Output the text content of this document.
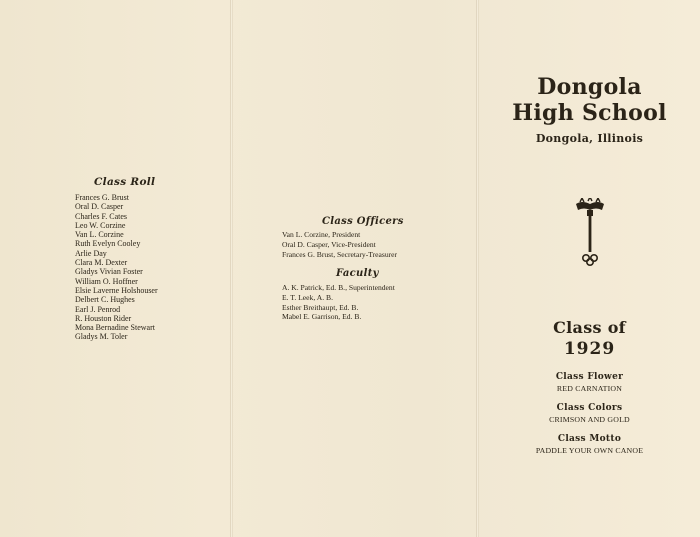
Class Roll
Frances G. Brust
Oral D. Casper
Charles F. Cates
Leo W. Corzine
Van L. Corzine
Ruth Evelyn Cooley
Arlie Day
Clara M. Dexter
Gladys Vivian Foster
William O. Hoffner
Elsie Laverne Holshouser
Delbert C. Hughes
Earl J. Penrod
R. Houston Rider
Mona Bernadine Stewart
Gladys M. Toler
Class Officers
Van L. Corzine, President
Oral D. Casper, Vice-President
Frances G. Brust, Secretary-Treasurer
Faculty
A. K. Patrick, Ed. B., Superintendent
E. T. Leek, A. B.
Esther Breithaupt, Ed. B.
Mabel E. Garrison, Ed. B.
Dongola
High School
Dongola, Illinois
Class of
1929
Class Flower
RED CARNATION
Class Colors
CRIMSON AND GOLD
Class Motto
PADDLE YOUR OWN CANOE
